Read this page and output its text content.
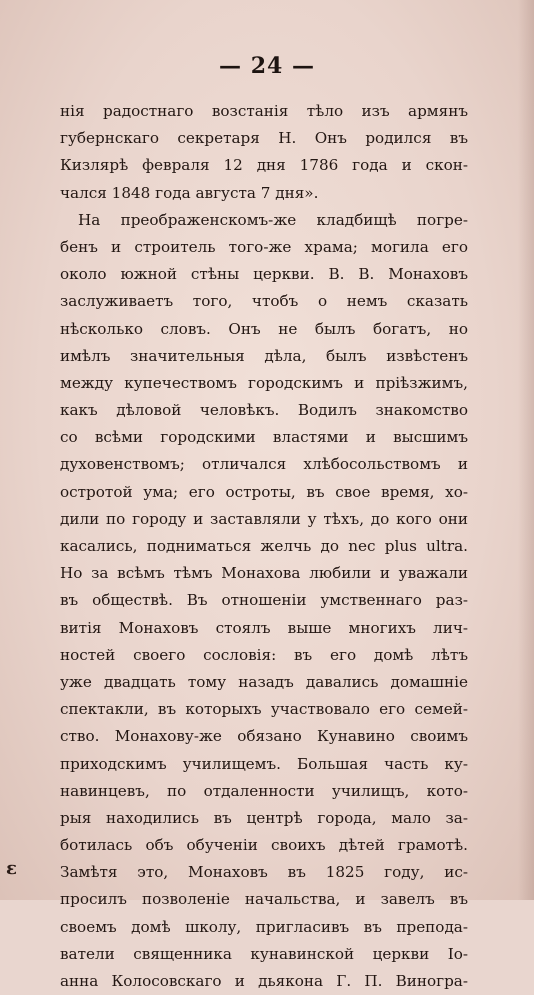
— 24 —
нія радостнаго возстанія тѣло изъ армянъ
губернскаго секретаря Н. Онъ родился въ
Кизлярѣ февраля 12 дня 1786 года и скон-
чался 1848 года августа 7 дня».
На преображенскомъ-же кладбищѣ погре-
бенъ и строитель того-же храма; могила его
около южной стѣны церкви. В. В. Монаховъ
заслуживаетъ того, чтобъ о немъ сказать
нѣсколько словъ. Онъ не былъ богатъ, но
имѣлъ значительныя дѣла, былъ извѣстенъ
между купечествомъ городскимъ и пріѣзжимъ,
какъ дѣловой человѣкъ. Водилъ знакомство
со всѣми городскими властями и высшимъ
духовенствомъ; отличался хлѣбосольствомъ и
остротой ума; его остроты, въ свое время, хо-
дили по городу и заставляли у тѣхъ, до кого они
касались, подниматься желчь до nec plus ultra.
Но за всѣмъ тѣмъ Монахова любили и уважали
въ обществѣ. Въ отношеніи умственнаго раз-
витія Монаховъ стоялъ выше многихъ лич-
ностей своего сословія: въ его домѣ лѣтъ
уже двадцать тому назадъ давались домашніе
спектакли, въ которыхъ участвовало его семей-
ство. Монахову-же обязано Кунавино своимъ
приходскимъ училищемъ. Большая часть ку-
навинцевъ, по отдаленности училищъ, кото-
рыя находились въ центрѣ города, мало за-
ботилась объ обученіи своихъ дѣтей грамотѣ.
Замѣтя это, Монаховъ въ 1825 году, ис-
просилъ позволеніе начальства, и завелъ въ
своемъ домѣ школу, пригласивъ въ препода-
ватели священника кунавинской церкви Іо-
анна Колосовскаго и дьякона Г. П. Виногра-
ɛ
